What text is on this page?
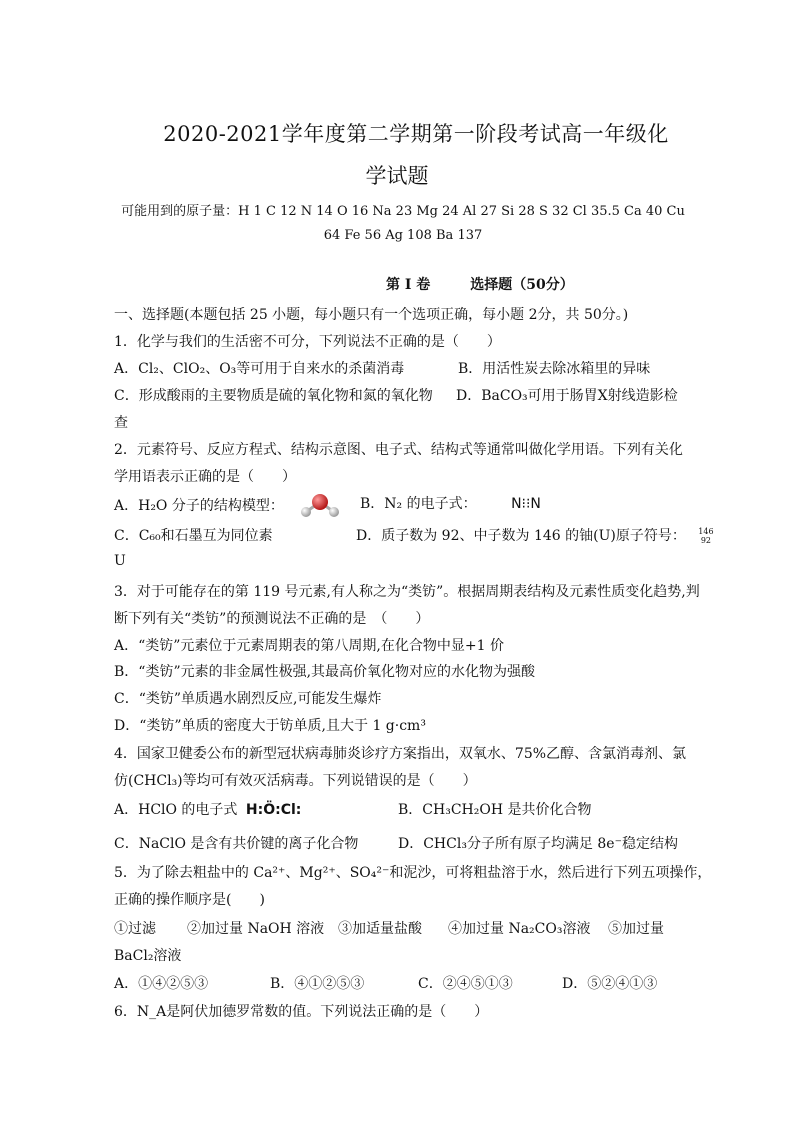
2020-2021学年度第二学期第一阶段考试高一年级化
学试题
可能用到的原子量：H 1 C 12 N 14 O 16 Na 23 Mg 24 Al 27 Si 28 S 32 Cl 35.5 Ca 40 Cu 64 Fe 56 Ag 108 Ba 137
第 I 卷	选择题（50分）
一、选择题(本题包括 25 小题，每小题只有一个选项正确，每小题 2分，共 50分。)
1．化学与我们的生活密不可分，下列说法不正确的是（　　）
A．Cl₂、ClO₂、O₃等可用于自来水的杀菌消毒	B．用活性炭去除冰箱里的异味
C．形成酸雨的主要物质是硫的氧化物和氮的氧化物 D．BaCO₃可用于肠胃X射线造影检
查
2．元素符号、反应方程式、结构示意图、电子式、结构式等通常叫做化学用语。下列有关化
学用语表示正确的是（　　）
A．H₂O 分子的结构模型：	B．N₂ 的电子式： N⁝⁝N
C．C₆₀和石墨互为同位素	D．质子数为 92、中子数为 146 的铀(U)原子符号： 146
92
U
3．对于可能存在的第 119 号元素,有人称之为“类钫”。根据周期表结构及元素性质变化趋势,判
断下列有关“类钫”的预测说法不正确的是　（　　）
A．“类钫”元素位于元素周期表的第八周期,在化合物中显+1 价
B．“类钫”元素的非金属性极强,其最高价氧化物对应的水化物为强酸
C．“类钫”单质遇水剧烈反应,可能发生爆炸
D．“类钫”单质的密度大于钫单质,且大于 1 g·cm³
4．国家卫健委公布的新型冠状病毒肺炎诊疗方案指出，双氧水、75%乙醇、含氯消毒剂、氯
仿(CHCl₃)等均可有效灭活病毒。下列说错误的是（　　）
A．HClO 的电子式 H:Ö:Cl:	B．CH₃CH₂OH 是共价化合物
C．NaClO 是含有共价键的离子化合物	D．CHCl₃分子所有原子均满足 8e⁻稳定结构
5．为了除去粗盐中的 Ca²⁺、Mg²⁺、SO₄²⁻和泥沙，可将粗盐溶于水，然后进行下列五项操作，
正确的操作顺序是(　　)
①过滤 ②加过量 NaOH 溶液 ③加适量盐酸 ④加过量 Na₂CO₃溶液 ⑤加过量
BaCl₂溶液
A．①④②⑤③	B．④①②⑤③	C．②④⑤①③	D．⑤②④①③
6．N_A是阿伏加德罗常数的值。下列说法正确的是（　　）
